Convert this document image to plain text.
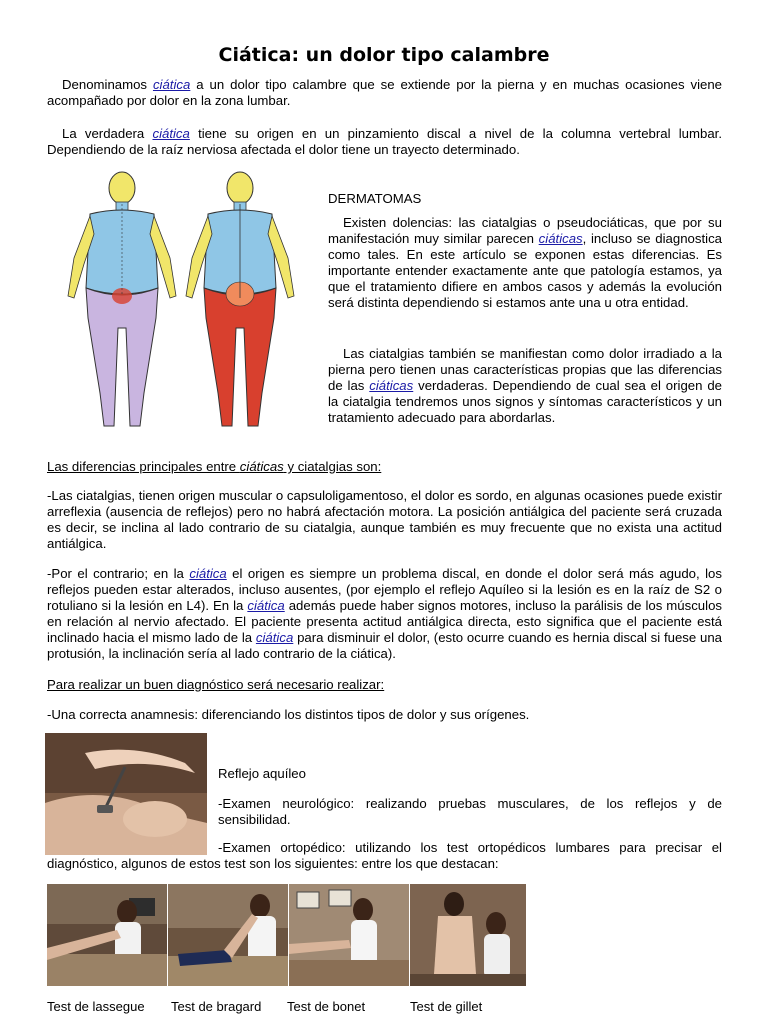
Ciática: un dolor tipo calambre

Denominamos ciática a un dolor tipo calambre que se extiende por la pierna y en muchas ocasiones viene acompañado por dolor en la zona lumbar.

La verdadera ciática tiene su origen en un pinzamiento discal a nivel de la columna vertebral lumbar. Dependiendo de la raíz nerviosa afectada el dolor tiene un trayecto determinado.

DERMATOMAS

Existen dolencias: las ciatalgias o pseudociáticas, que por su manifestación muy similar parecen ciáticas, incluso se diagnostica como tales. En este artículo se exponen estas diferencias. Es importante entender exactamente ante que patología estamos, ya que el tratamiento difiere en ambos casos y además la evolución será distinta dependiendo si estamos ante una u otra entidad.

Las ciatalgias también se manifiestan como dolor irradiado a la pierna pero tienen unas características propias que las diferencias de las ciáticas verdaderas. Dependiendo de cual sea el origen de la ciatalgia tendremos unos signos y síntomas característicos y un tratamiento adecuado para abordarlas.

Las diferencias principales entre ciáticas y ciatalgias son:

-Las ciatalgias, tienen origen muscular o capsuloligamentoso, el dolor es sordo, en algunas ocasiones puede existir arreflexia (ausencia de reflejos) pero no habrá afectación motora. La posición antiálgica del paciente será cruzada es decir, se inclina al lado contrario de su ciatalgia, aunque también es muy frecuente que no exista una actitud antiálgica.

-Por el contrario; en la ciática el origen es siempre un problema discal, en donde el dolor será más agudo, los reflejos pueden estar alterados, incluso ausentes, (por ejemplo el reflejo Aquíleo si la lesión es en la raíz de S2 o rotuliano si la lesión en L4). En la ciática además puede haber signos motores, incluso la parálisis de los músculos en relación al nervio afectado. El paciente presenta actitud antiálgica directa, esto significa que el paciente está inclinado hacia el mismo lado de la ciática para disminuir el dolor, (esto ocurre cuando es hernia discal si fuese una protusión, la inclinación sería al lado contrario de la ciática).

Para realizar un buen diagnóstico será necesario realizar:

-Una correcta anamnesis: diferenciando los distintos tipos de dolor y sus orígenes.

Reflejo aquíleo

-Examen neurológico: realizando pruebas musculares, de los reflejos y de sensibilidad.

-Examen ortopédico: utilizando los test ortopédicos lumbares para precisar el diagnóstico, algunos de estos test son los siguientes: entre los que destacan:

Test de lassegue Test de bragard Test de bonet	Test de gillet
